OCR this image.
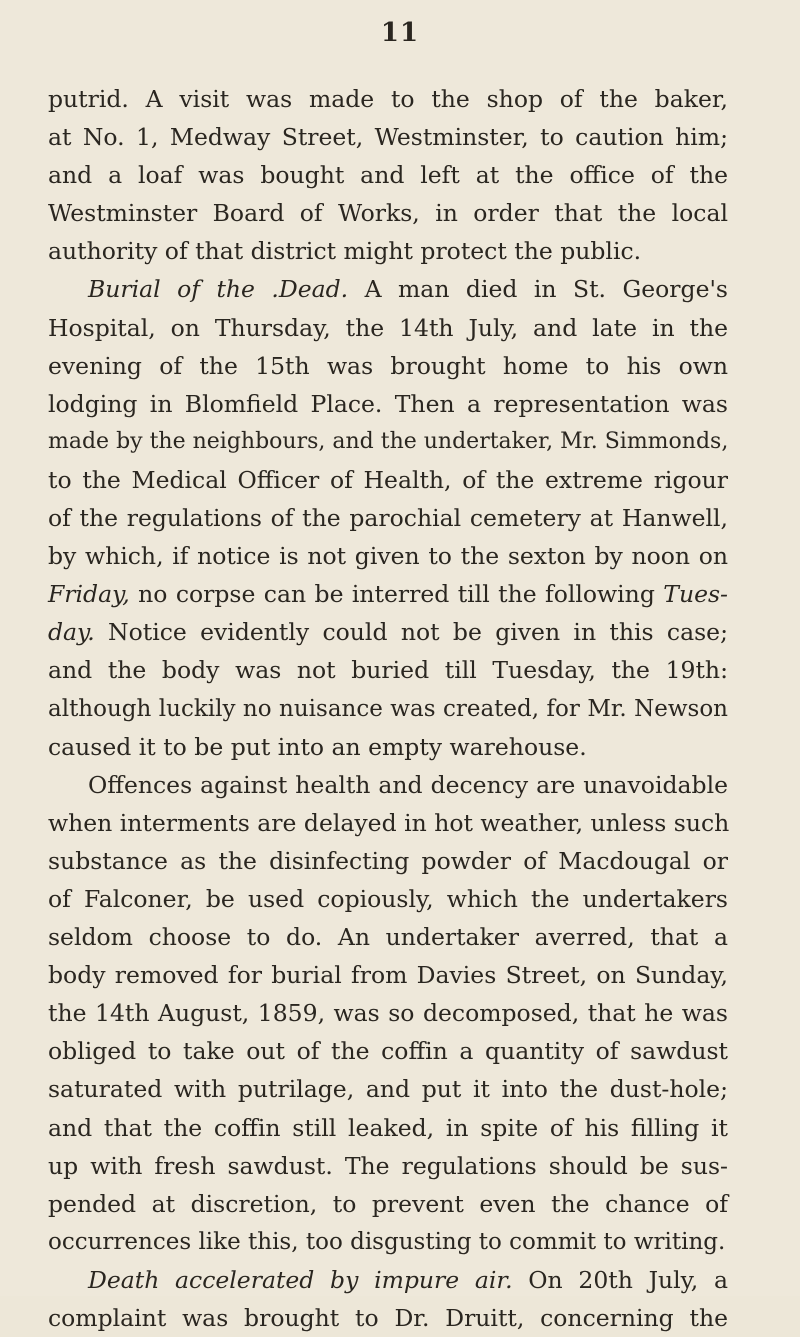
11
putrid. A visit was made to the shop of the baker,
at No. 1, Medway Street, Westminster, to caution him;
and a loaf was bought and left at the office of the
Westminster Board of Works, in order that the local
authority of that district might protect the public.
Burial of the .Dead. A man died in St. George's
Hospital, on Thursday, the 14th July, and late in the
evening of the 15th was brought home to his own
lodging in Blomfield Place. Then a representation was
made by the neighbours, and the undertaker, Mr. Simmonds,
to the Medical Officer of Health, of the extreme rigour
of the regulations of the parochial cemetery at Hanwell,
by which, if notice is not given to the sexton by noon on
Friday, no corpse can be interred till the following Tues-
day. Notice evidently could not be given in this case;
and the body was not buried till Tuesday, the 19th:
although luckily no nuisance was created, for Mr. Newson
caused it to be put into an empty warehouse.
Offences against health and decency are unavoidable
when interments are delayed in hot weather, unless such
substance as the disinfecting powder of Macdougal or
of Falconer, be used copiously, which the undertakers
seldom choose to do. An undertaker averred, that a
body removed for burial from Davies Street, on Sunday,
the 14th August, 1859, was so decomposed, that he was
obliged to take out of the coffin a quantity of sawdust
saturated with putrilage, and put it into the dust-hole;
and that the coffin still leaked, in spite of his filling it
up with fresh sawdust. The regulations should be sus-
pended at discretion, to prevent even the chance of
occurrences like this, too disgusting to commit to writing.
Death accelerated by impure air. On 20th July, a
complaint was brought to Dr. Druitt, concerning the
